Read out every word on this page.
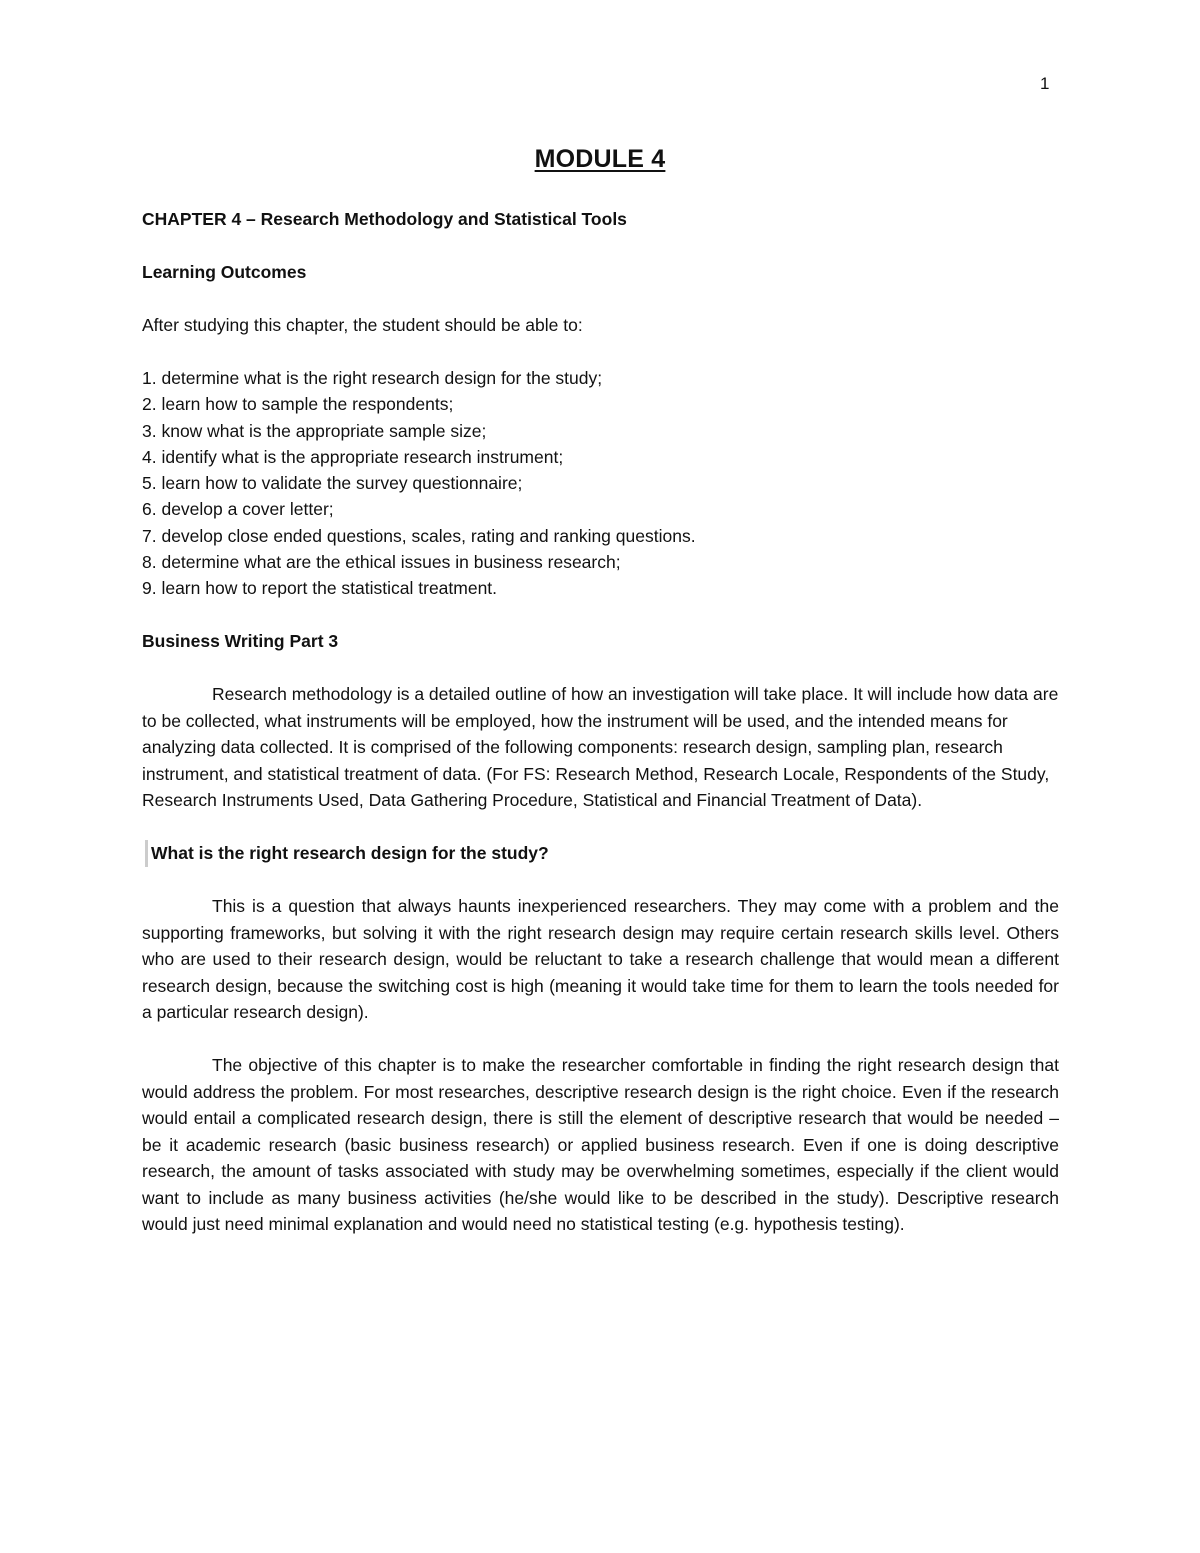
1
MODULE 4

CHAPTER 4 – Research Methodology and Statistical Tools

Learning Outcomes

After studying this chapter, the student should be able to:

1. determine what is the right research design for the study;
2. learn how to sample the respondents;
3. know what is the appropriate sample size;
4. identify what is the appropriate research instrument;
5. learn how to validate the survey questionnaire;
6. develop a cover letter;
7. develop close ended questions, scales, rating and ranking questions.
8. determine what are the ethical issues in business research;
9. learn how to report the statistical treatment.

Business Writing Part 3

Research methodology is a detailed outline of how an investigation will take place. It will include how data are to be collected, what instruments will be employed, how the instrument will be used, and the intended means for analyzing data collected. It is comprised of the following components: research design, sampling plan, research instrument, and statistical treatment of data. (For FS: Research Method, Research Locale, Respondents of the Study, Research Instruments Used, Data Gathering Procedure, Statistical and Financial Treatment of Data).

What is the right research design for the study?

This is a question that always haunts inexperienced researchers. They may come with a problem and the supporting frameworks, but solving it with the right research design may require certain research skills level. Others who are used to their research design, would be reluctant to take a research challenge that would mean a different research design, because the switching cost is high (meaning it would take time for them to learn the tools needed for a particular research design).

The objective of this chapter is to make the researcher comfortable in finding the right research design that would address the problem. For most researches, descriptive research design is the right choice. Even if the research would entail a complicated research design, there is still the element of descriptive research that would be needed – be it academic research (basic business research) or applied business research. Even if one is doing descriptive research, the amount of tasks associated with study may be overwhelming sometimes, especially if the client would want to include as many business activities (he/she would like to be described in the study). Descriptive research would just need minimal explanation and would need no statistical testing (e.g. hypothesis testing).
